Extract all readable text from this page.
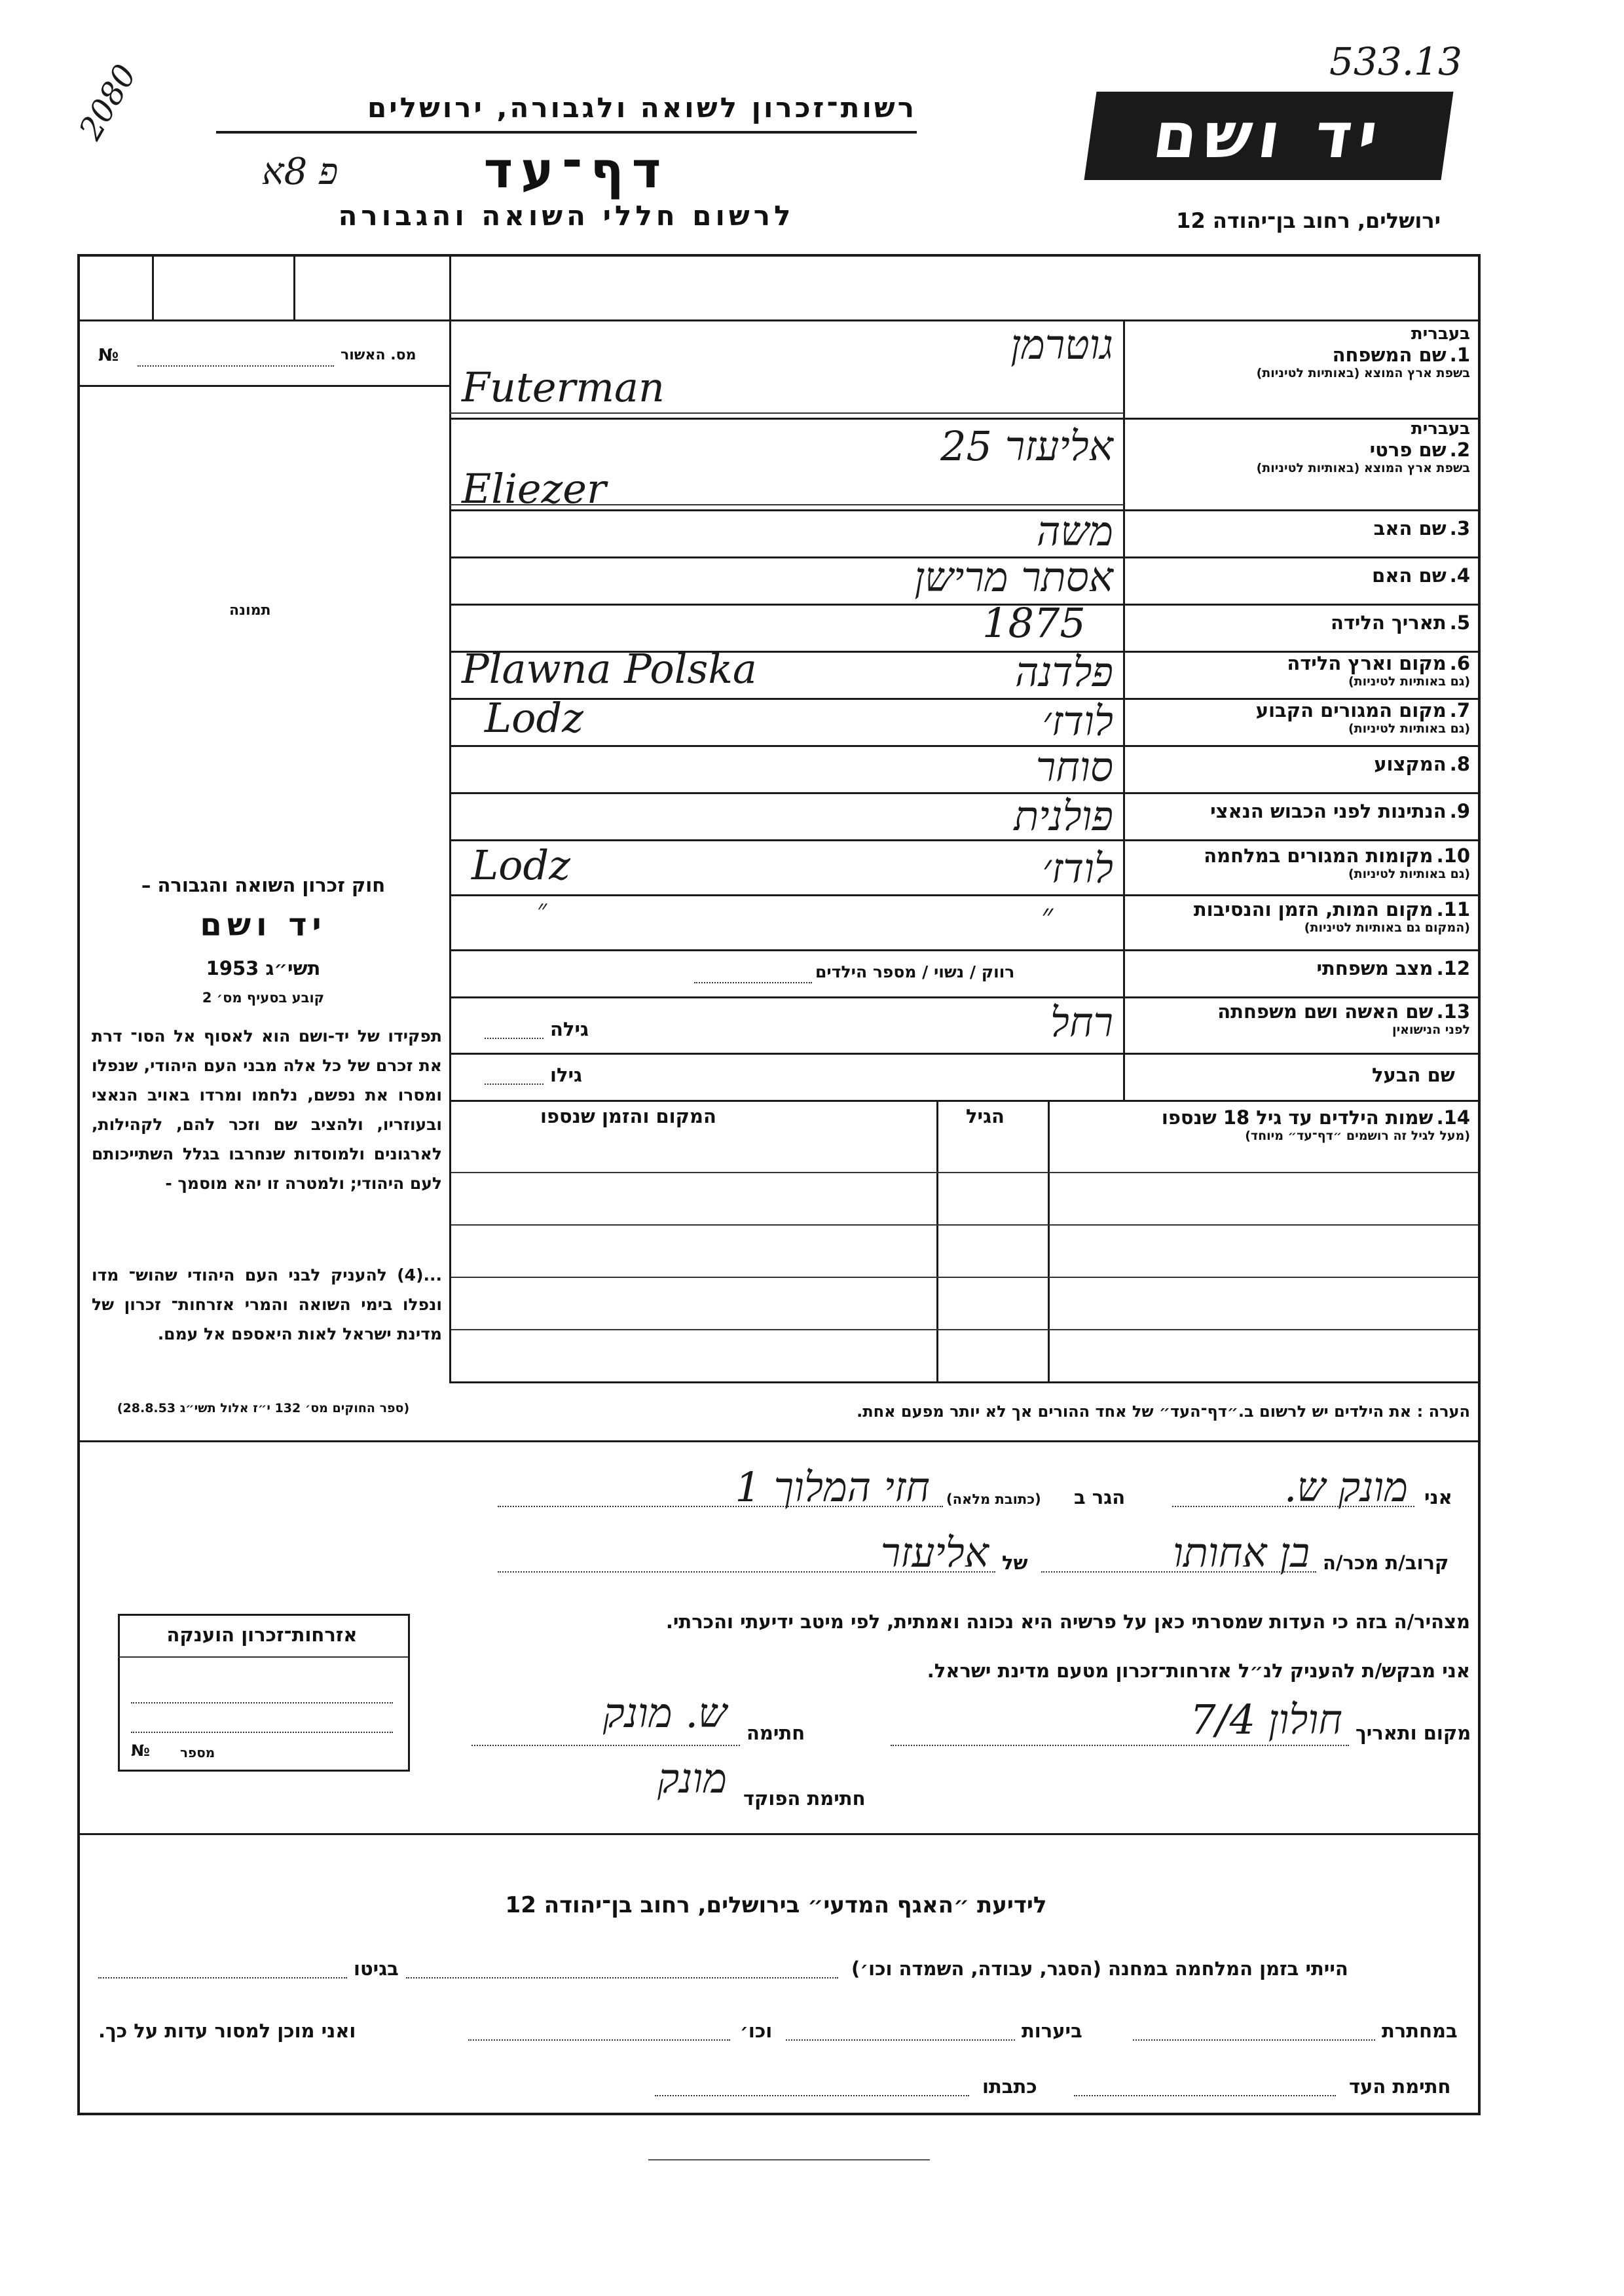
2080	533.13
רשות־זכרון לשואה ולגבורה, ירושלים
פ 8א	דף־עד
לרשום חללי השואה והגבורה
יד ושם
ירושלים, רחוב בן־יהודה 12
מס. האשור
№
תמונה
חוק זכרון השואה והגבורה –
יד ושם
תשי״ג 1953
קובע בסעיף מס׳ 2
תפקידו של יד-ושם הוא לאסוף אל הסו־ דרת את זכרם של כל אלה מבני העם היהודי, שנפלו ומסרו את נפשם, נלחמו ומרדו באויב הנאצי ובעוזריו, ולהציב שם וזכר להם, לקהילות, לארגונים ולמוסדות שנחרבו בגלל השתייכותם לעם היהודי; ולמטרה זו יהא מוסמך -
...(4) להעניק לבני העם היהודי שהוש־ מדו ונפלו בימי השואה והמרי אזרחות־ זכרון של מדינת ישראל לאות היאספם אל עמם.
(ספר החוקים מס׳ 132 י״ז אלול תשי״ג 28.8.53)
בעברית
1. שם המשפחה
בשפת ארץ המוצא (באותיות לטיניות)
גוטרמן
Futerman
בעברית
2. שם פרטי
בשפת ארץ המוצא (באותיות לטיניות)
אליעזר 25
Eliezer
3. שם האב
משה
4. שם האם
אסתר מרישן
5. תאריך הלידה
1875
6. מקום וארץ הלידה
(גם באותיות לטיניות)
פלדנה
Plawna Polska
7. מקום המגורים הקבוע
(גם באותיות לטיניות)
לודז׳
Lodz
8. המקצוע
סוחר
9. הנתינות לפני הכבוש הנאצי
פולנית
10. מקומות המגורים במלחמה
(גם באותיות לטיניות)
לודז׳
Lodz
11. מקום המות, הזמן והנסיבות
(המקום גם באותיות לטיניות)
״
״
12. מצב משפחתי
רווק / נשוי / מספר הילדים
13. שם האשה ושם משפחתה
לפני הנישואין
רחל
גילה
שם הבעל
גילו
14. שמות הילדים עד גיל 18 שנספו
(מעל לגיל זה רושמים ״דף־עד״ מיוחד)
הגיל
המקום והזמן שנספו
הערה : את הילדים יש לרשום ב.״דף־העד״ של אחד ההורים אך לא יותר מפעם אחת.
אני
מונק ש.
הגר ב
(כתובת מלאה)
חזי המלוך 1
קרוב/ת מכר/ה
בן אחותו
של
אליעזר
מצהיר/ה בזה כי העדות שמסרתי כאן על פרשיה היא נכונה ואמתית, לפי מיטב ידיעתי והכרתי.
אני מבקש/ת להעניק לנ״ל אזרחות־זכרון מטעם מדינת ישראל.
מקום ותאריך
חולון 7/4
חתימה
ש. מונק
חתימת הפוקד
מונק
אזרחות־זכרון הוענקה
מספר
№
לידיעת ״האגף המדעי״ בירושלים, רחוב בן־יהודה 12
הייתי בזמן המלחמה במחנה (הסגר, עבודה, השמדה וכו׳)
בגיטו
במחתרת
ביערות
וכו׳
ואני מוכן למסור עדות על כך.
חתימת העד
כתבתו
